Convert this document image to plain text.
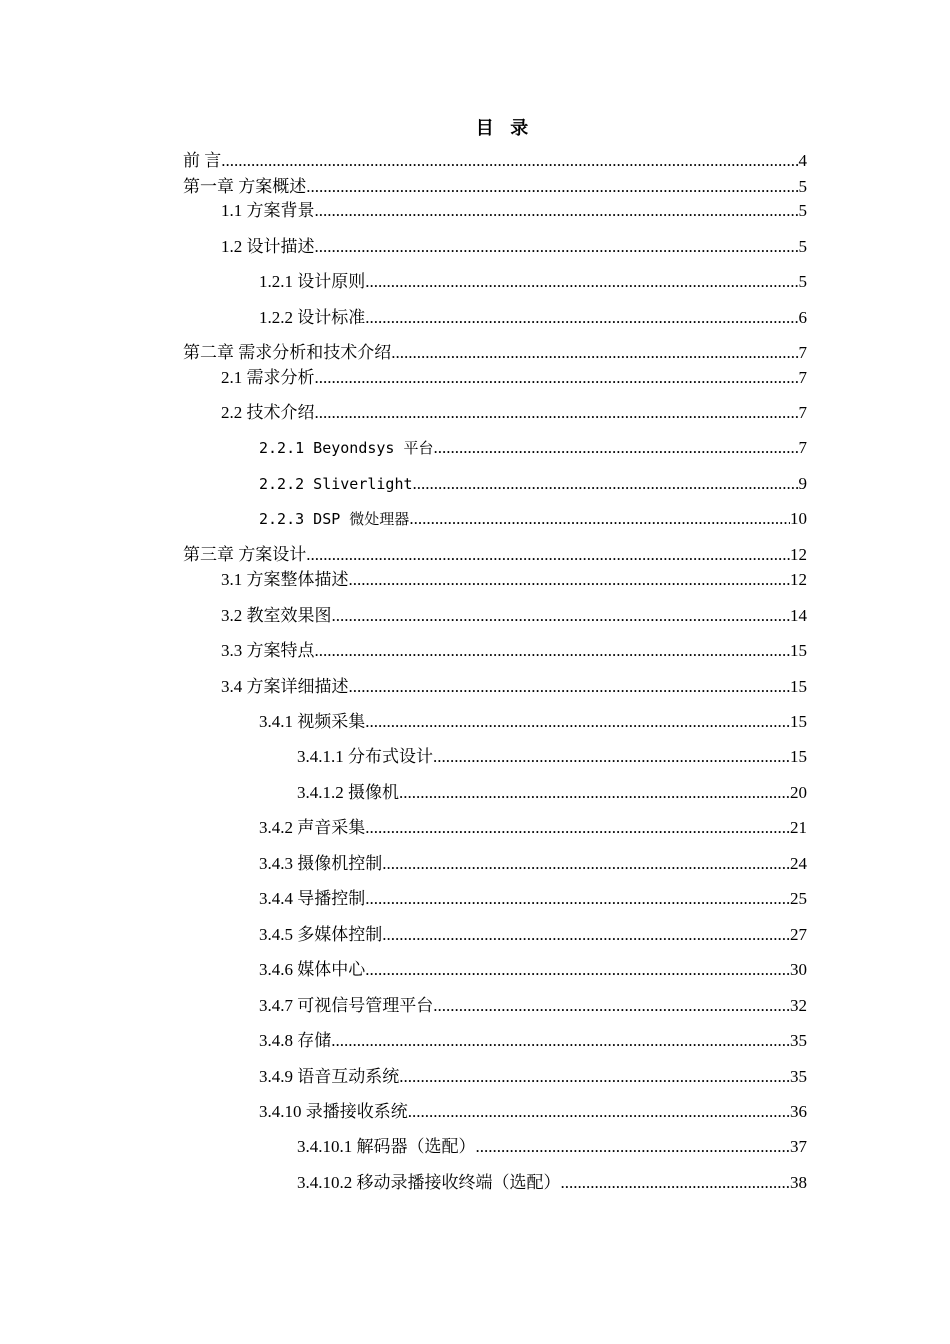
目 录
前 言 .....	4
第一章 方案概述 .....	5
1.1 方案背景 .....	5
1.2 设计描述 .....	5
1.2.1 设计原则 .....	5
1.2.2 设计标准 .....	6
第二章 需求分析和技术介绍 .....	7
2.1 需求分析 .....	7
2.2 技术介绍 .....	7
2.2.1 Beyondsys 平台 .....	7
2.2.2 Sliverlight .....	9
2.2.3 DSP 微处理器 .....	10
第三章 方案设计 .....	12
3.1 方案整体描述 .....	12
3.2 教室效果图 .....	14
3.3 方案特点 .....	15
3.4 方案详细描述 .....	15
3.4.1 视频采集 .....	15
3.4.1.1 分布式设计 .....	15
3.4.1.2 摄像机 .....	20
3.4.2 声音采集 .....	21
3.4.3 摄像机控制 .....	24
3.4.4 导播控制 .....	25
3.4.5 多媒体控制 .....	27
3.4.6 媒体中心 .....	30
3.4.7 可视信号管理平台 .....	32
3.4.8 存储 .....	35
3.4.9 语音互动系统 .....	35
3.4.10 录播接收系统 .....	36
3.4.10.1 解码器（选配） .....	37
3.4.10.2 移动录播接收终端（选配） .....	38
